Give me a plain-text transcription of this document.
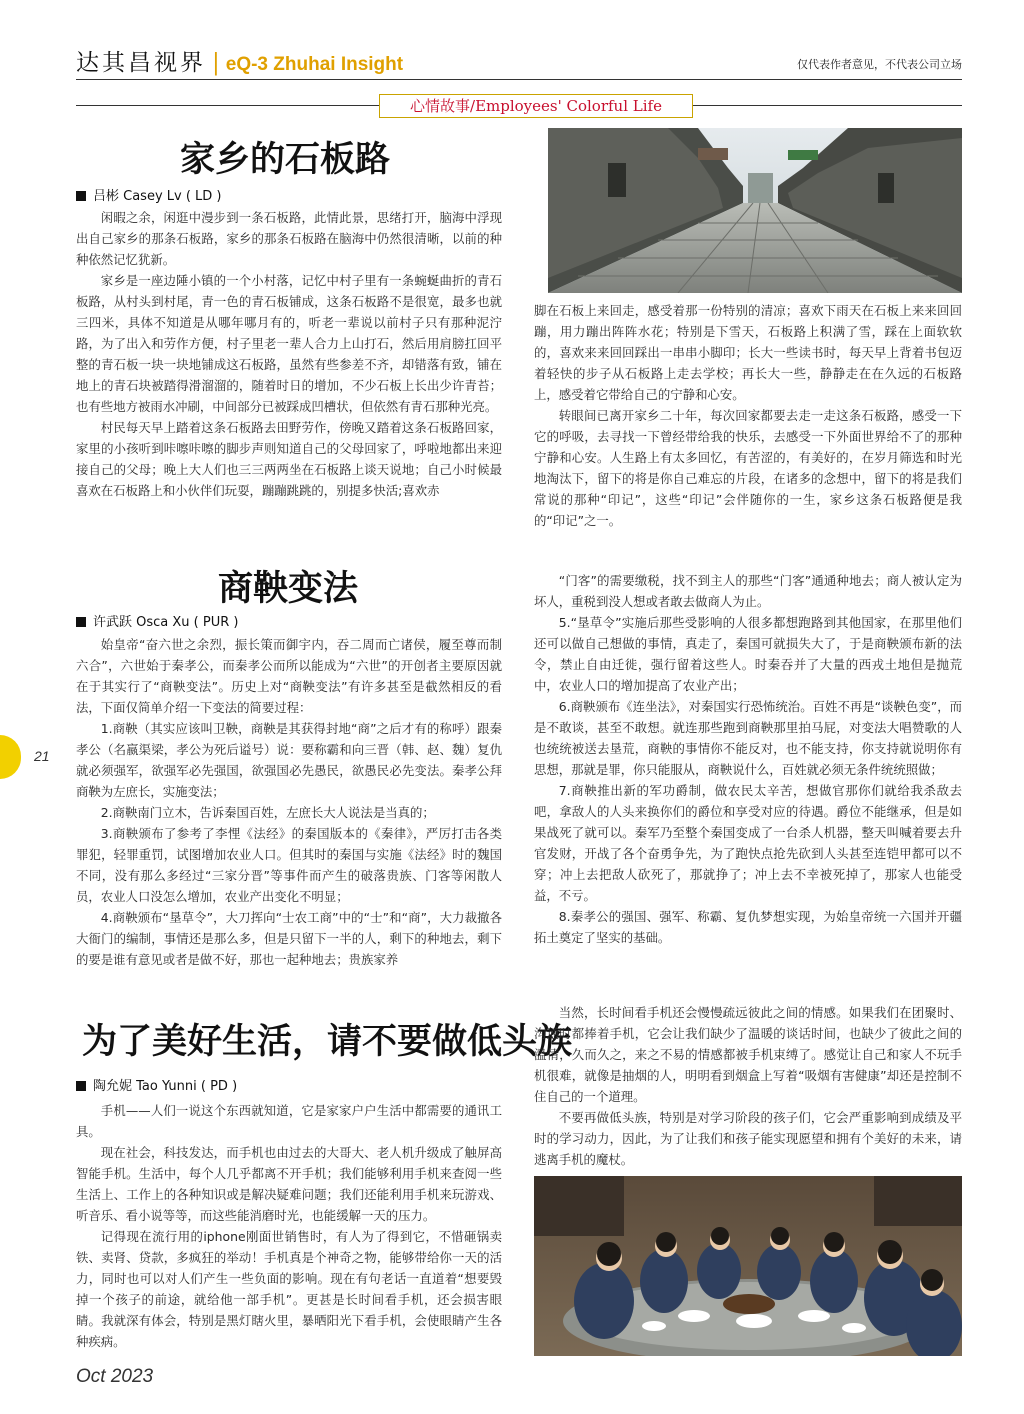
达其昌视界 | eQ-3 Zhuhai Insight	仅代表作者意见，不代表公司立场
心情故事/Employees' Colorful Life
家乡的石板路
吕彬 Casey Lv ( LD )

闲暇之余，闲逛中漫步到一条石板路，此情此景，思绪打开，脑海中浮现出自己家乡的那条石板路，家乡的那条石板路在脑海中仍然很清晰，以前的种种依然记忆犹新。

家乡是一座边陲小镇的一个小村落，记忆中村子里有一条蜿蜒曲折的青石板路，从村头到村尾，青一色的青石板铺成，这条石板路不是很宽，最多也就三四米，具体不知道是从哪年哪月有的，听老一辈说以前村子只有那种泥泞路，为了出入和劳作方便，村子里老一辈人合力上山打石，然后用肩膀扛回平整的青石板一块一块地铺成这石板路，虽然有些参差不齐，却错落有致，铺在地上的青石块被踏得滑溜溜的，随着时日的增加，不少石板上长出少许青苔；也有些地方被雨水冲刷，中间部分已被踩成凹槽状，但依然有青石那种光亮。

村民每天早上踏着这条石板路去田野劳作，傍晚又踏着这条石板路回家，家里的小孩听到咔嚓咔嚓的脚步声则知道自己的父母回家了，呼啦地都出来迎接自己的父母；晚上大人们也三三两两坐在石板路上谈天说地；自己小时候最喜欢在石板路上和小伙伴们玩耍，蹦蹦跳跳的，别提多快活;喜欢赤

脚在石板上来回走，感受着那一份特别的清凉；喜欢下雨天在石板上来来回回蹦，用力蹦出阵阵水花；特别是下雪天，石板路上积满了雪，踩在上面软软的，喜欢来来回回踩出一串串小脚印；长大一些读书时，每天早上背着书包迈着轻快的步子从石板路上走去学校；再长大一些，静静走在在久远的石板路上，感受着它带给自己的宁静和心安。

转眼间已离开家乡二十年，每次回家都要去走一走这条石板路，感受一下它的呼吸，去寻找一下曾经带给我的快乐，去感受一下外面世界给不了的那种宁静和心安。人生路上有太多回忆，有苦涩的，有美好的，在岁月筛选和时光地淘汰下，留下的将是你自己难忘的片段，在诸多的念想中，留下的将是我们常说的那种“印记”，这些“印记”会伴随你的一生，家乡这条石板路便是我的“印记”之一。

商鞅变法
许武跃 Osca Xu ( PUR )

始皇帝“奋六世之余烈，振长策而御宇内，吞二周而亡诸侯，履至尊而制六合”，六世始于秦孝公，而秦孝公而所以能成为“六世”的开创者主要原因就在于其实行了“商鞅变法”。历史上对“商鞅变法”有许多甚至是截然相反的看法，下面仅简单介绍一下变法的简要过程：

1.商鞅（其实应该叫卫鞅，商鞅是其获得封地“商”之后才有的称呼）跟秦孝公（名嬴渠梁，孝公为死后谥号）说：要称霸和向三晋（韩、赵、魏）复仇就必须强军，欲强军必先强国，欲强国必先愚民，欲愚民必先变法。秦孝公拜商鞅为左庶长，实施变法；

2.商鞅南门立木，告诉秦国百姓，左庶长大人说法是当真的；

3.商鞅颁布了参考了李悝《法经》的秦国版本的《秦律》，严厉打击各类罪犯，轻罪重罚，试图增加农业人口。但其时的秦国与实施《法经》时的魏国不同，没有那么多经过“三家分晋”等事件而产生的破落贵族、门客等闲散人员，农业人口没怎么增加，农业产出变化不明显；

4.商鞅颁布“垦草令”，大刀挥向“士农工商”中的“士”和“商”，大力裁撤各大衙门的编制，事情还是那么多，但是只留下一半的人，剩下的种地去，剩下的要是谁有意见或者是做不好，那也一起种地去；贵族家养

“门客”的需要缴税，找不到主人的那些“门客”通通种地去；商人被认定为坏人，重税到没人想或者敢去做商人为止。

5.“垦草令”实施后那些受影响的人很多都想跑路到其他国家，在那里他们还可以做自己想做的事情，真走了，秦国可就损失大了，于是商鞅颁布新的法令，禁止自由迁徙，强行留着这些人。时秦吞并了大量的西戎土地但是抛荒中，农业人口的增加提高了农业产出；

6.商鞅颁布《连坐法》，对秦国实行恐怖统治。百姓不再是“谈鞅色变”，而是不敢谈，甚至不敢想。就连那些跑到商鞅那里拍马屁，对变法大唱赞歌的人也统统被送去垦荒，商鞅的事情你不能反对，也不能支持，你支持就说明你有思想，那就是罪，你只能服从，商鞅说什么，百姓就必须无条件统统照做；

7.商鞅推出新的军功爵制，做农民太辛苦，想做官那你们就给我杀敌去吧，拿敌人的人头来换你们的爵位和享受对应的待遇。爵位不能继承，但是如果战死了就可以。秦军乃至整个秦国变成了一台杀人机器，整天叫喊着要去升官发财，开战了各个奋勇争先，为了跑快点抢先砍到人头甚至连铠甲都可以不穿；冲上去把敌人砍死了，那就挣了；冲上去不幸被死掉了，那家人也能受益，不亏。

8.秦孝公的强国、强军、称霸、复仇梦想实现，为始皇帝统一六国并开疆拓土奠定了坚实的基础。

为了美好生活，请不要做低头族
陶允妮 Tao Yunni ( PD )

手机——人们一说这个东西就知道，它是家家户户生活中都需要的通讯工具。

现在社会，科技发达，而手机也由过去的大哥大、老人机升级成了触屏高智能手机。生活中，每个人几乎都离不开手机；我们能够利用手机来查阅一些生活上、工作上的各种知识或是解决疑难问题；我们还能利用手机来玩游戏、听音乐、看小说等等，而这些能消磨时光，也能缓解一天的压力。

记得现在流行用的iphone刚面世销售时，有人为了得到它，不惜砸锅卖铁、卖肾、贷款，多疯狂的举动！手机真是个神奇之物，能够带给你一天的活力，同时也可以对人们产生一些负面的影响。现在有句老话一直道着“想要毁掉一个孩子的前途，就给他一部手机”。更甚是长时间看手机，还会损害眼睛。我就深有体会，特别是黑灯瞎火里，暴晒阳光下看手机，会使眼睛产生各种疾病。

当然，长时间看手机还会慢慢疏远彼此之间的情感。如果我们在团聚时、沟通时都捧着手机，它会让我们缺少了温暖的谈话时间，也缺少了彼此之间的温情，久而久之，来之不易的情感都被手机束缚了。感觉让自己和家人不玩手机很难，就像是抽烟的人，明明看到烟盒上写着“吸烟有害健康”却还是控制不住自己的一个道理。

不要再做低头族，特别是对学习阶段的孩子们，它会严重影响到成绩及平时的学习动力，因此，为了让我们和孩子能实现愿望和拥有个美好的未来，请逃离手机的魔杖。

21
Oct 2023
